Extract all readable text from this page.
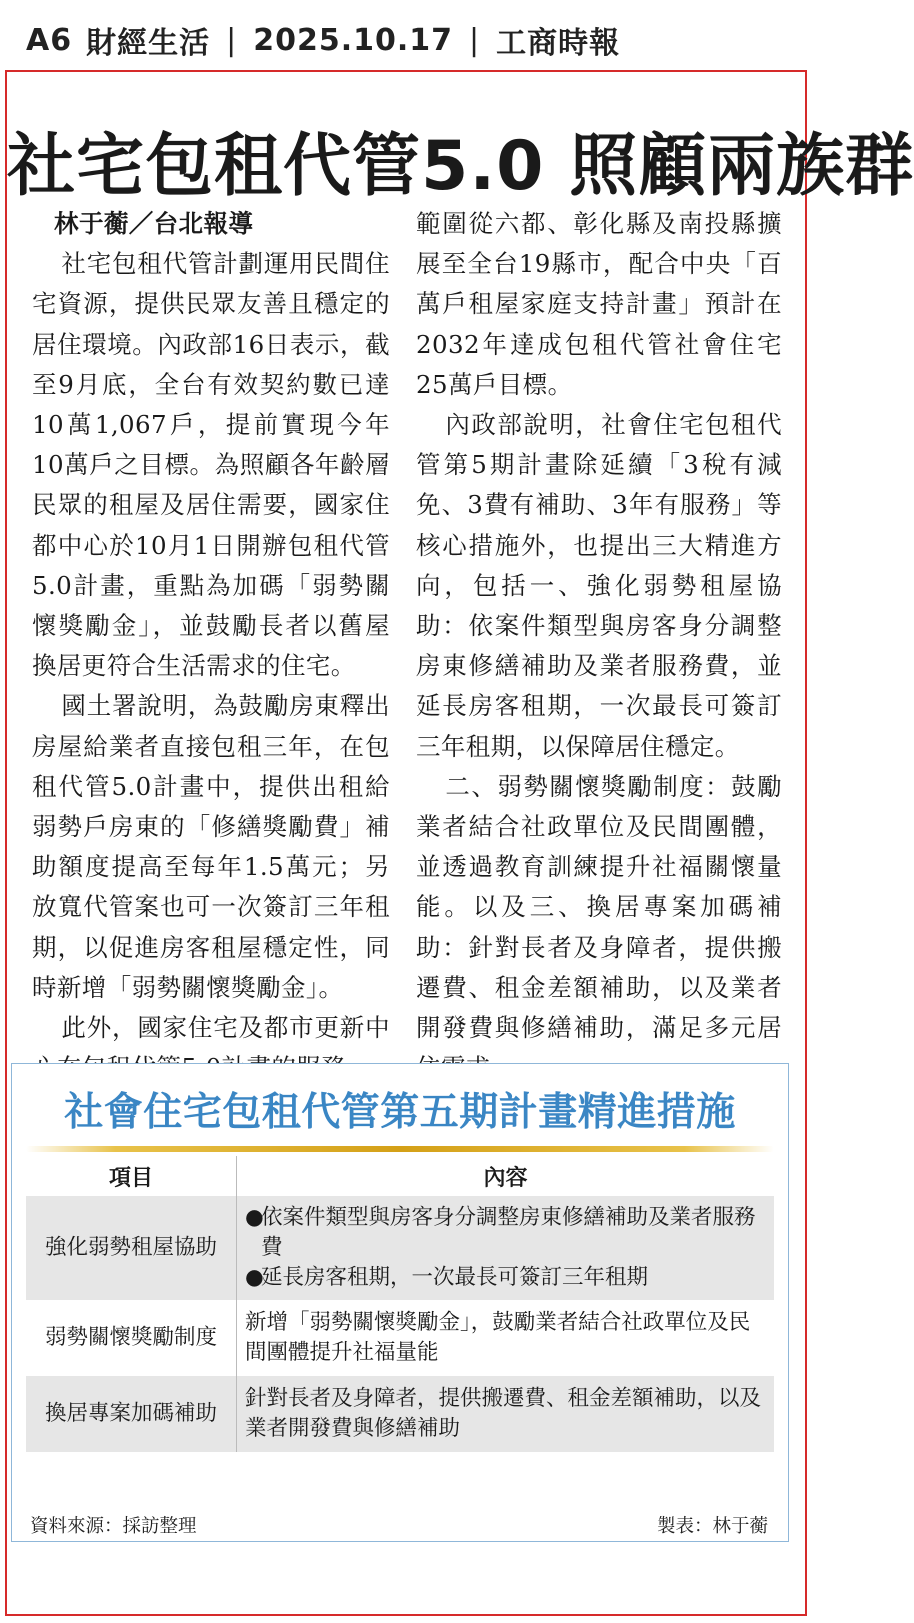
A6 財經生活 | 2025.10.17 | 工商時報
社宅包租代管5.0 照顧兩族群

林于蘅／台北報導

社宅包租代管計劃運用民間住宅資源，提供民眾友善且穩定的居住環境。內政部16日表示，截至9月底，全台有效契約數已達10萬1,067戶，提前實現今年10萬戶之目標。為照顧各年齡層民眾的租屋及居住需要，國家住都中心於10月1日開辦包租代管5.0計畫，重點為加碼「弱勢關懷獎勵金」，並鼓勵長者以舊屋換居更符合生活需求的住宅。

國土署說明，為鼓勵房東釋出房屋給業者直接包租三年，在包租代管5.0計畫中，提供出租給弱勢戶房東的「修繕獎勵費」補助額度提高至每年1.5萬元；另放寬代管案也可一次簽訂三年租期，以促進房客租屋穩定性，同時新增「弱勢關懷獎勵金」。

此外，國家住宅及都市更新中

範圍從六都、彰化縣及南投縣擴展至全台19縣市，配合中央「百萬戶租屋家庭支持計畫」預計在2032年達成包租代管社會住宅25萬戶目標。

內政部說明，社會住宅包租代管第5期計畫除延續「3稅有減免、3費有補助、3年有服務」等核心措施外，也提出三大精進方向，包括一、強化弱勢租屋協助：依案件類型與房客身分調整房東修繕補助及業者服務費，並延長房客租期，一次最長可簽訂三年租期，以保障居住穩定。

二、弱勢關懷獎勵制度：鼓勵業者結合社政單位及民間團體，並透過教育訓練提升社福關懷量能。以及三、換居專案加碼補助：針對長者及身障者，提供搬遷費、租金差額補助，以及業者開發費與修繕補助，滿足多元居

社會住宅包租代管第五期計畫精進措施
項目	內容
強化弱勢租屋協助	●
依案件類型與房客身分調整房東修繕補助及業者服務費
●
延長房客租期，一次最長可簽訂三年租期

弱勢關懷獎勵制度	新增「弱勢關懷獎勵金」，鼓勵業者結合社政單位及民間團體提升社福量能
換居專案加碼補助	針對長者及身障者，提供搬遷費、租金差額補助，以及業者開發費與修繕補助
資料來源：採訪整理	製表：林于蘅
